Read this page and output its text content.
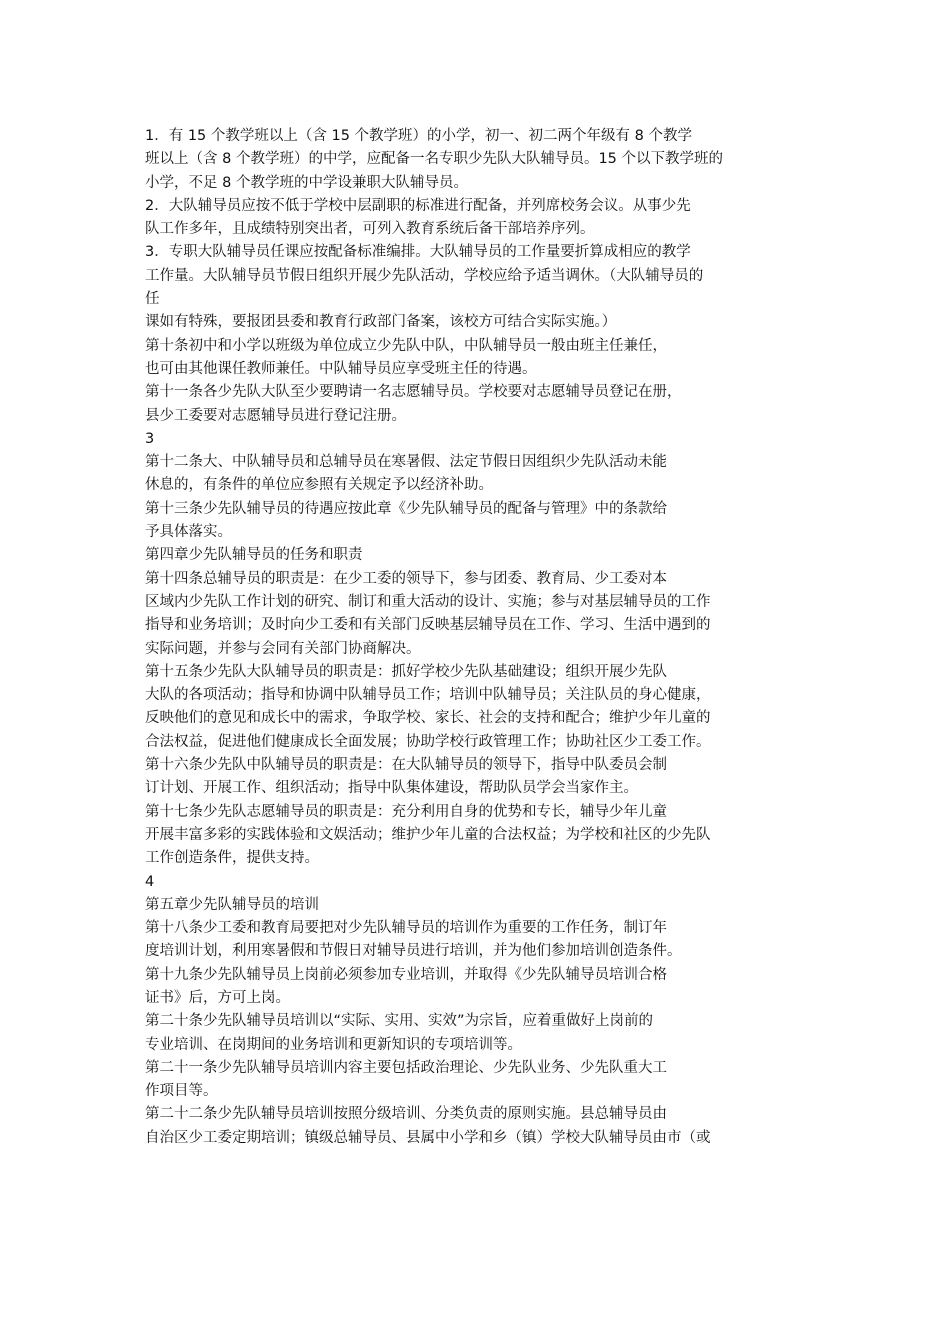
1．有 15 个教学班以上（含 15 个教学班）的小学，初一、初二两个年级有 8 个教学
班以上（含 8 个教学班）的中学，应配备一名专职少先队大队辅导员。15 个以下教学班的
小学，不足 8 个教学班的中学设兼职大队辅导员。
2．大队辅导员应按不低于学校中层副职的标准进行配备，并列席校务会议。从事少先
队工作多年，且成绩特别突出者，可列入教育系统后备干部培养序列。
3．专职大队辅导员任课应按配备标准编排。大队辅导员的工作量要折算成相应的教学
工作量。大队辅导员节假日组织开展少先队活动，学校应给予适当调休。（大队辅导员的
任
课如有特殊，要报团县委和教育行政部门备案，该校方可结合实际实施。）
第十条初中和小学以班级为单位成立少先队中队，中队辅导员一般由班主任兼任，
也可由其他课任教师兼任。中队辅导员应享受班主任的待遇。
第十一条各少先队大队至少要聘请一名志愿辅导员。学校要对志愿辅导员登记在册，
县少工委要对志愿辅导员进行登记注册。
3
第十二条大、中队辅导员和总辅导员在寒暑假、法定节假日因组织少先队活动未能
休息的，有条件的单位应参照有关规定予以经济补助。
第十三条少先队辅导员的待遇应按此章《少先队辅导员的配备与管理》中的条款给
予具体落实。
第四章少先队辅导员的任务和职责
第十四条总辅导员的职责是：在少工委的领导下，参与团委、教育局、少工委对本
区域内少先队工作计划的研究、制订和重大活动的设计、实施；参与对基层辅导员的工作
指导和业务培训；及时向少工委和有关部门反映基层辅导员在工作、学习、生活中遇到的
实际问题，并参与会同有关部门协商解决。
第十五条少先队大队辅导员的职责是：抓好学校少先队基础建设；组织开展少先队
大队的各项活动；指导和协调中队辅导员工作；培训中队辅导员；关注队员的身心健康，
反映他们的意见和成长中的需求，争取学校、家长、社会的支持和配合；维护少年儿童的
合法权益，促进他们健康成长全面发展；协助学校行政管理工作；协助社区少工委工作。
第十六条少先队中队辅导员的职责是：在大队辅导员的领导下，指导中队委员会制
订计划、开展工作、组织活动；指导中队集体建设，帮助队员学会当家作主。
第十七条少先队志愿辅导员的职责是：充分利用自身的优势和专长，辅导少年儿童
开展丰富多彩的实践体验和文娱活动；维护少年儿童的合法权益；为学校和社区的少先队
工作创造条件，提供支持。
4
第五章少先队辅导员的培训
第十八条少工委和教育局要把对少先队辅导员的培训作为重要的工作任务，制订年
度培训计划，利用寒暑假和节假日对辅导员进行培训，并为他们参加培训创造条件。
第十九条少先队辅导员上岗前必须参加专业培训，并取得《少先队辅导员培训合格
证书》后，方可上岗。
第二十条少先队辅导员培训以“实际、实用、实效”为宗旨，应着重做好上岗前的
专业培训、在岗期间的业务培训和更新知识的专项培训等。
第二十一条少先队辅导员培训内容主要包括政治理论、少先队业务、少先队重大工
作项目等。
第二十二条少先队辅导员培训按照分级培训、分类负责的原则实施。县总辅导员由
自治区少工委定期培训；镇级总辅导员、县属中小学和乡（镇）学校大队辅导员由市（或
